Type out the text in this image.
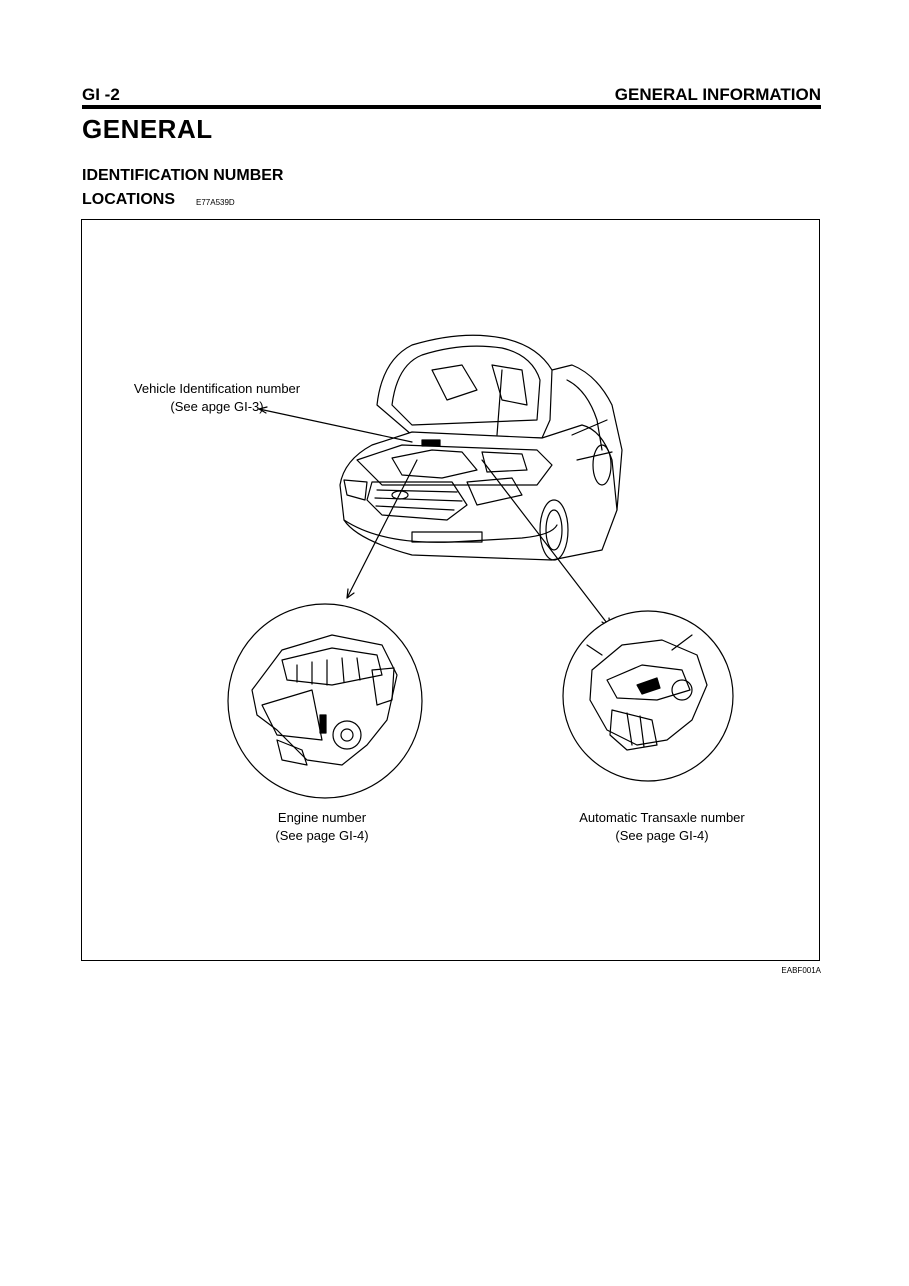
GI -2	GENERAL INFORMATION
GENERAL
IDENTIFICATION NUMBER
LOCATIONS	E77A539D
Vehicle Identification number
(See apge GI-3)
Engine number
(See page GI-4)
Automatic Transaxle number
(See page GI-4)
EABF001A
